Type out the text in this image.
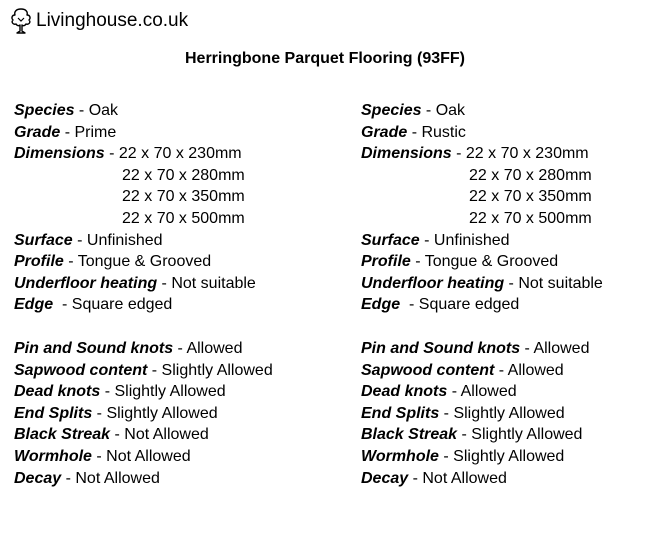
Livinghouse.co.uk
Herringbone Parquet Flooring (93FF)
Species - Oak
Grade - Prime
Dimensions - 22 x 70 x 230mm
22 x 70 x 280mm
22 x 70 x 350mm
22 x 70 x 500mm
Surface - Unfinished
Profile - Tongue & Grooved
Underfloor heating - Not suitable
Edge  - Square edged
Pin and Sound knots - Allowed
Sapwood content - Slightly Allowed
Dead knots - Slightly Allowed
End Splits - Slightly Allowed
Black Streak - Not Allowed
Wormhole - Not Allowed
Decay - Not Allowed
Species - Oak
Grade - Rustic
Dimensions - 22 x 70 x 230mm
22 x 70 x 280mm
22 x 70 x 350mm
22 x 70 x 500mm
Surface - Unfinished
Profile - Tongue & Grooved
Underfloor heating - Not suitable
Edge  - Square edged
Pin and Sound knots - Allowed
Sapwood content - Allowed
Dead knots - Allowed
End Splits - Slightly Allowed
Black Streak - Slightly Allowed
Wormhole - Slightly Allowed
Decay - Not Allowed
